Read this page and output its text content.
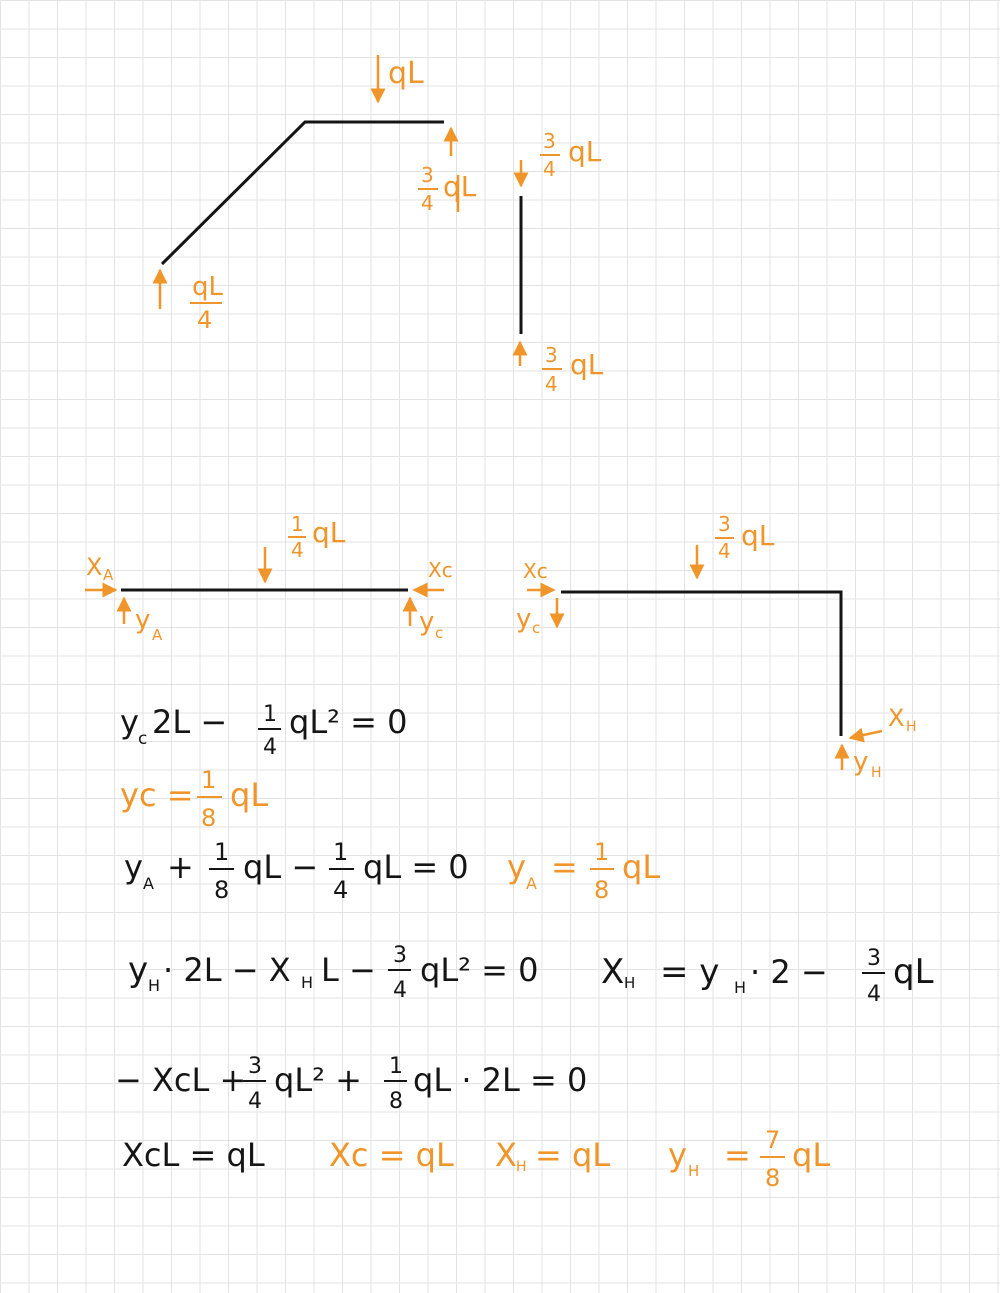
qL
qL
4
3
4 qL
3
4
qL
3
4
qL
1
4
qL
X A
y A
Xc
y c
3
4 qL
Xc
y c
X H
y H
y c 2L − 1
4
qL² = 0
yc = 1
8
qL
y A + 1
8
qL − 1
4
qL = 0 y A = 1
8
qL
y H · 2L − X H L − 3
4
qL² = 0 X H = y H · 2 − 3
4
qL
− XcL + 3
4
qL² + 1
8
qL · 2L = 0
XcL = qL Xc = qL X H = qL y H = 7
8
qL
